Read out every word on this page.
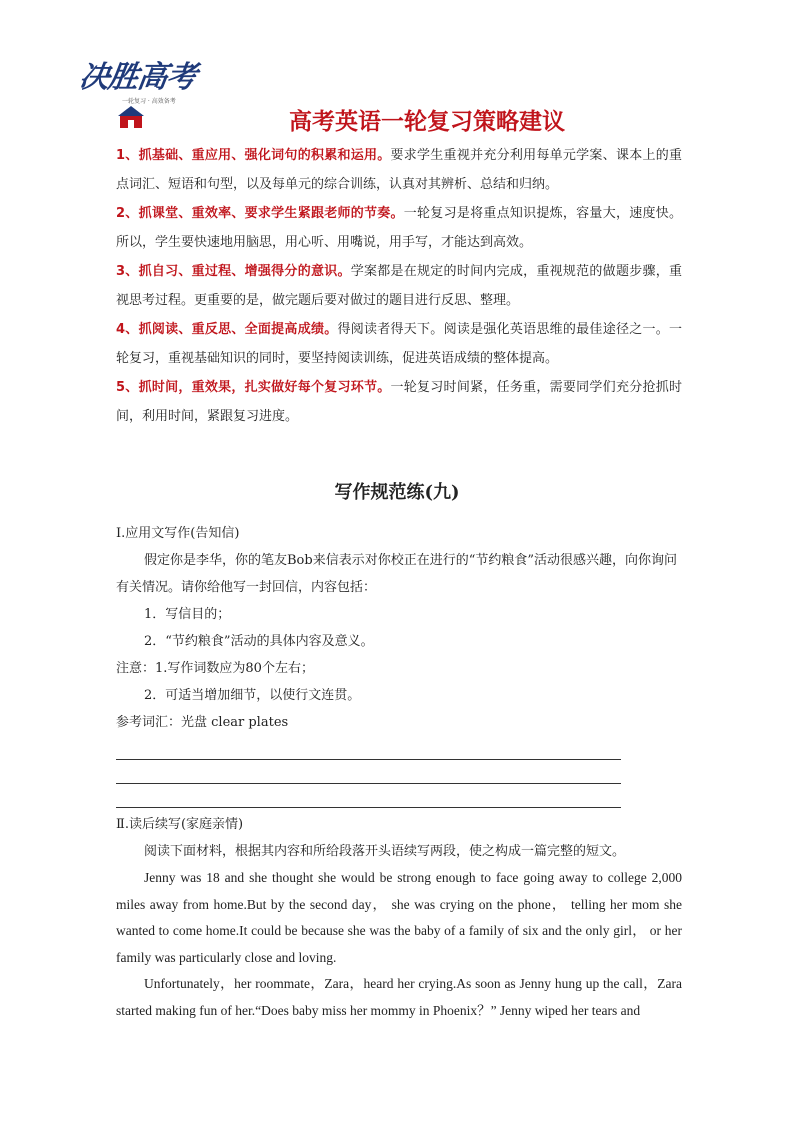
决胜高考
一轮复习 · 高效备考
高考英语一轮复习策略建议

1、抓基础、重应用、强化词句的积累和运用。要求学生重视并充分利用每单元学案、课本上的重点词汇、短语和句型，以及每单元的综合训练，认真对其辨析、总结和归纳。

2、抓课堂、重效率、要求学生紧跟老师的节奏。一轮复习是将重点知识提炼，容量大，速度快。所以，学生要快速地用脑思，用心听、用嘴说，用手写，才能达到高效。

3、抓自习、重过程、增强得分的意识。学案都是在规定的时间内完成，重视规范的做题步骤，重视思考过程。更重要的是，做完题后要对做过的题目进行反思、整理。

4、抓阅读、重反思、全面提高成绩。得阅读者得天下。阅读是强化英语思维的最佳途径之一。一轮复习，重视基础知识的同时，要坚持阅读训练，促进英语成绩的整体提高。

5、抓时间，重效果，扎实做好每个复习环节。一轮复习时间紧，任务重，需要同学们充分抢抓时间，利用时间，紧跟复习进度。

写作规范练(九)

Ⅰ.应用文写作(告知信)

假定你是李华，你的笔友Bob来信表示对你校正在进行的“节约粮食”活动很感兴趣，向你询问有关情况。请你给他写一封回信，内容包括：

1．写信目的；

2．“节约粮食”活动的具体内容及意义。

注意：1.写作词数应为80个左右；

2．可适当增加细节，以使行文连贯。

参考词汇：光盘 clear plates

Ⅱ.读后续写(家庭亲情)

阅读下面材料，根据其内容和所给段落开头语续写两段，使之构成一篇完整的短文。

Jenny was 18 and she thought she would be strong enough to face going away to college 2,000 miles away from home.But by the second day， she was crying on the phone， telling her mom she wanted to come home.It could be because she was the baby of a family of six and the only girl， or her family was particularly close and loving.

Unfortunately，her roommate，Zara，heard her crying.As soon as Jenny hung up the call，Zara started making fun of her.“Does baby miss her mommy in Phoenix？” Jenny wiped her tears and
